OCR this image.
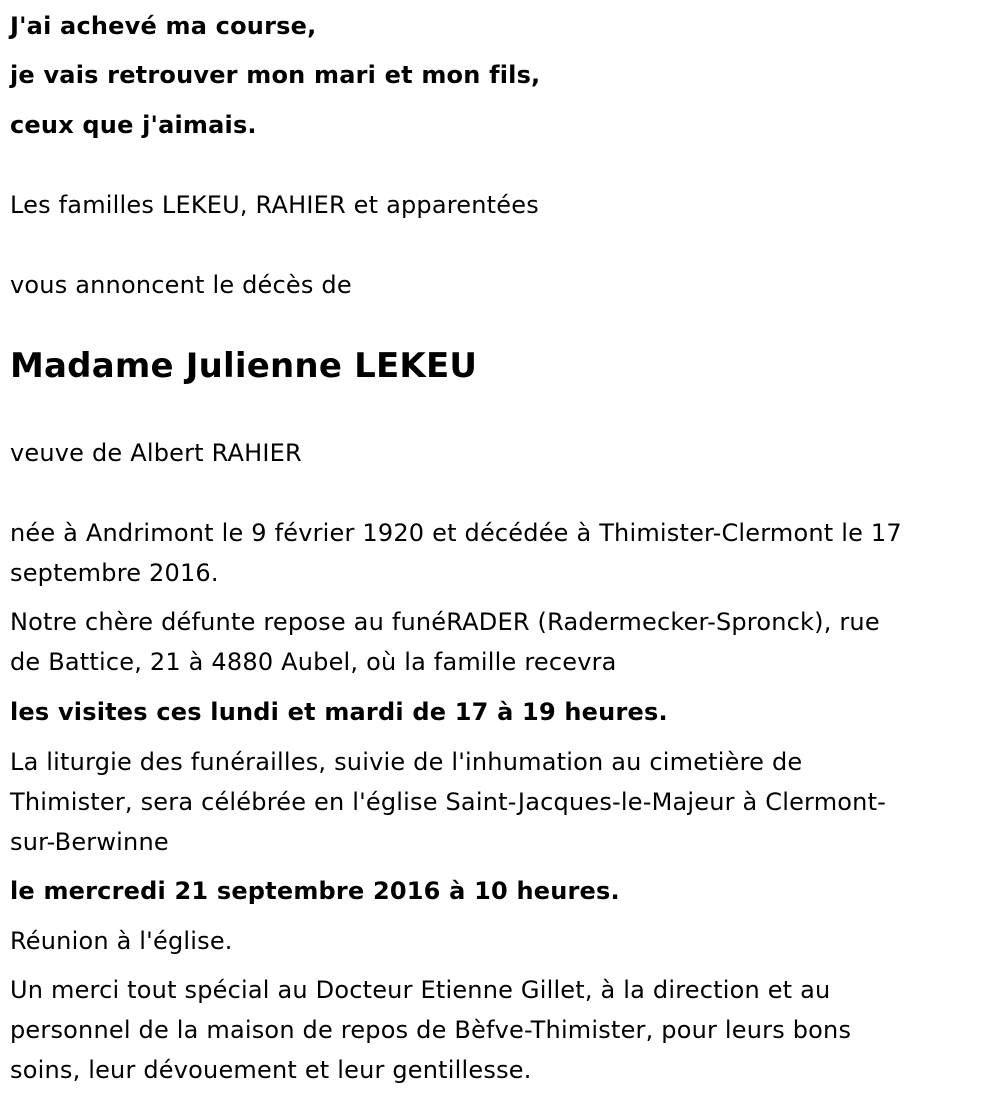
J'ai achevé ma course,

je vais retrouver mon mari et mon fils,

ceux que j'aimais.

Les familles LEKEU, RAHIER et apparentées

vous annoncent le décès de

Madame Julienne LEKEU

veuve de Albert RAHIER

née à Andrimont le 9 février 1920 et décédée à Thimister-Clermont le 17

septembre 2016.

Notre chère défunte repose au funéRADER (Radermecker-Spronck), rue

de Battice, 21 à 4880 Aubel, où la famille recevra

les visites ces lundi et mardi de 17 à 19 heures.

La liturgie des funérailles, suivie de l'inhumation au cimetière de

Thimister, sera célébrée en l'église Saint-Jacques-le-Majeur à Clermont-

sur-Berwinne

le mercredi 21 septembre 2016 à 10 heures.

Réunion à l'église.

Un merci tout spécial au Docteur Etienne Gillet, à la direction et au

personnel de la maison de repos de Bèfve-Thimister, pour leurs bons

soins, leur dévouement et leur gentillesse.
